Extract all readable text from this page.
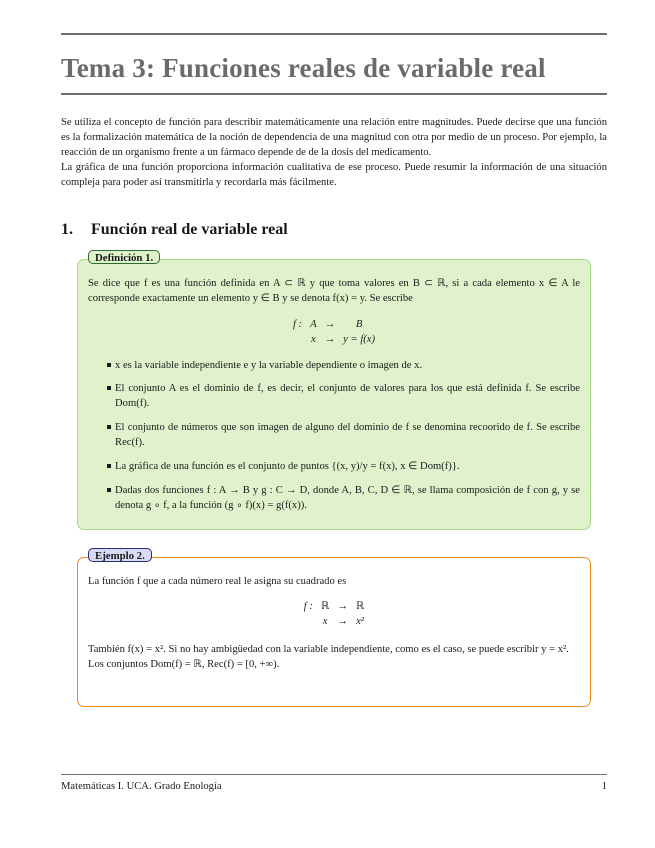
Tema 3: Funciones reales de variable real

Se utiliza el concepto de función para describir matemáticamente una relación entre magnitudes. Puede decirse que una función es la formalización matemática de la noción de dependencia de una magnitud con otra por medio de un proceso. Por ejemplo, la reacción de un organismo frente a un fármaco depende de de la dosis del medicamento.

La gráfica de una función proporciona información cualitativa de ese proceso. Puede resumir la información de una situación compleja para poder así transmitirla y recordarla más fácilmente.

1. Función real de variable real

Se dice que f es una función definida en A ⊂ ℝ y que toma valores en B ⊂ ℝ, si a cada elemento x ∈ A le corresponde exactamente un elemento y ∈ B y se denota f(x) = y. Se escribe

f :	A	→	B
	x	→	y = f(x)
x es la variable independiente e y la variable dependiente o imagen de x.
El conjunto A es el dominio de f, es decir, el conjunto de valores para los que está definida f. Se escribe Dom(f).
El conjunto de números que son imagen de alguno del dominio de f se denomina recoorido de f. Se escribe Rec(f).
La gráfica de una función es el conjunto de puntos {(x, y)/y = f(x), x ∈ Dom(f)}.
Dadas dos funciones f : A → B y g : C → D, donde A, B, C, D ∈ ℝ, se llama composición de f con g, y se denota g ∘ f, a la función (g ∘ f)(x) = g(f(x)).
Definición 1.

La función f que a cada número real le asigna su cuadrado es

f :	ℝ	→	ℝ
	x	→	x²

También f(x) = x². Si no hay ambigüedad con la variable independiente, como es el caso, se puede escribir y = x².

Los conjuntos Dom(f) = ℝ, Rec(f) = [0, +∞).

Ejemplo 2.
Matemáticas I. UCA. Grado Enología	1
